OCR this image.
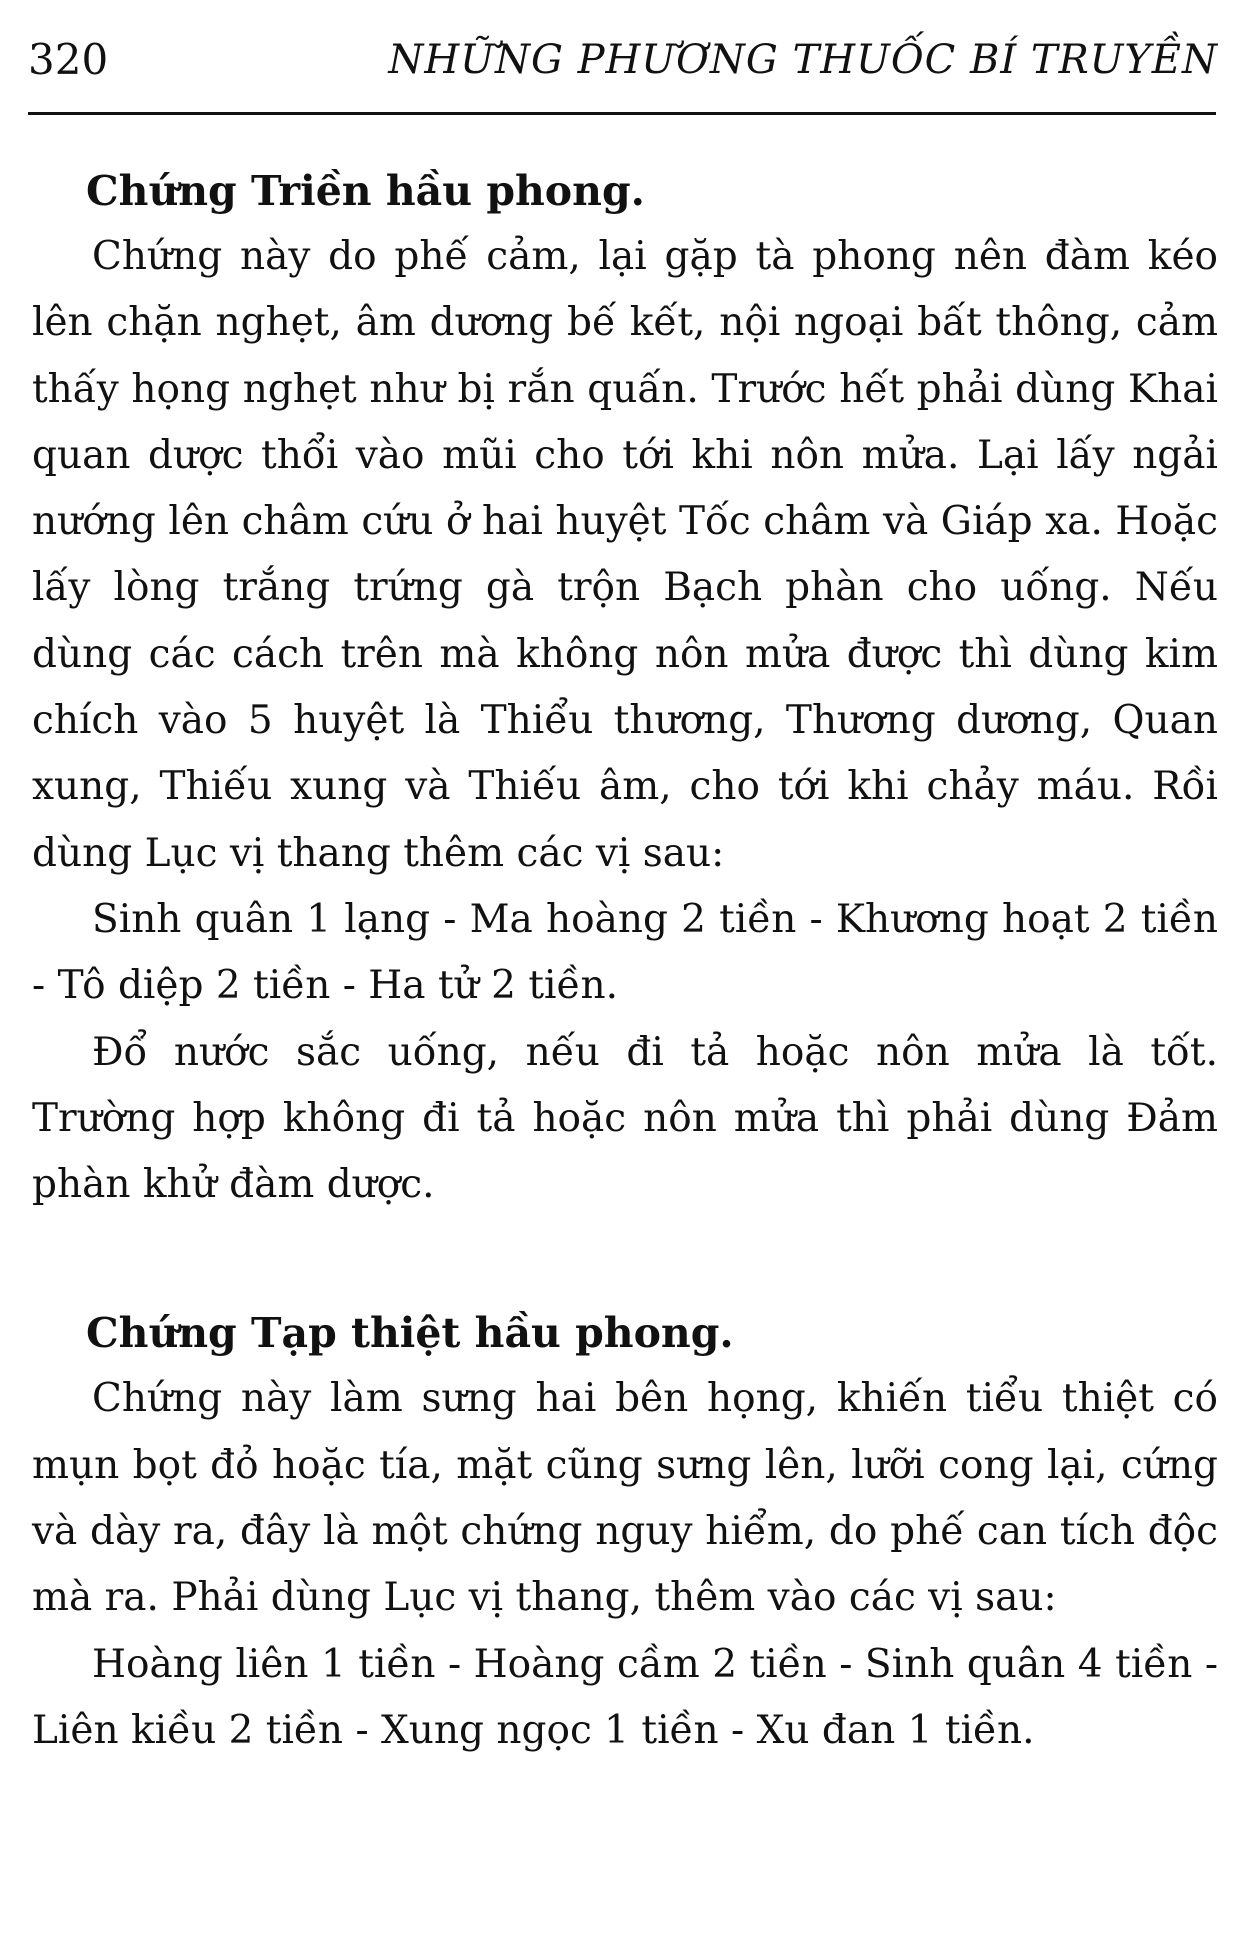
320	NHỮNG PHƯƠNG THUỐC BÍ TRUYỀN

Chứng Triền hầu phong.

Chứng này do phế cảm, lại gặp tà phong nên đàm kéo lên chặn nghẹt, âm dương bế kết, nội ngoại bất thông, cảm thấy họng nghẹt như bị rắn quấn. Trước hết phải dùng Khai quan dược thổi vào mũi cho tới khi nôn mửa. Lại lấy ngải nướng lên châm cứu ở hai huyệt Tốc châm và Giáp xa. Hoặc lấy lòng trắng trứng gà trộn Bạch phàn cho uống. Nếu dùng các cách trên mà không nôn mửa được thì dùng kim chích vào 5 huyệt là Thiểu thương, Thương dương, Quan xung, Thiếu xung và Thiếu âm, cho tới khi chảy máu. Rồi dùng Lục vị thang thêm các vị sau:

Sinh quân 1 lạng - Ma hoàng 2 tiền - Khương hoạt 2 tiền - Tô diệp 2 tiền - Ha tử 2 tiền.

Đổ nước sắc uống, nếu đi tả hoặc nôn mửa là tốt. Trường hợp không đi tả hoặc nôn mửa thì phải dùng Đảm phàn khử đàm dược.

Chứng Tạp thiệt hầu phong.

Chứng này làm sưng hai bên họng, khiến tiểu thiệt có mụn bọt đỏ hoặc tía, mặt cũng sưng lên, lưỡi cong lại, cứng và dày ra, đây là một chứng nguy hiểm, do phế can tích độc mà ra. Phải dùng Lục vị thang, thêm vào các vị sau:

Hoàng liên 1 tiền - Hoàng cầm 2 tiền - Sinh quân 4 tiền - Liên kiều 2 tiền - Xung ngọc 1 tiền - Xu đan 1 tiền.
